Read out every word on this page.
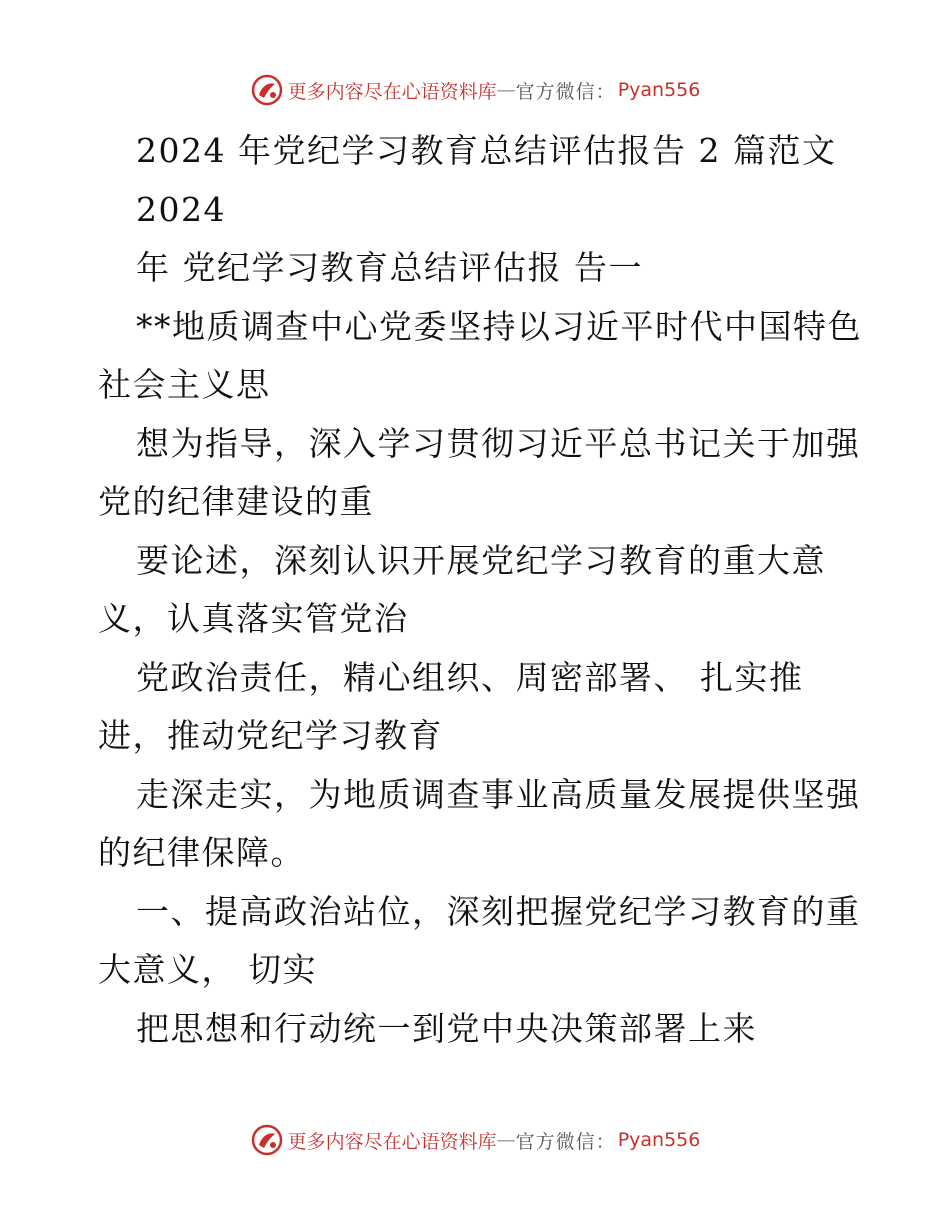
更多内容尽在心语资料库 — 官方微信： Pyan556
2024 年党纪学习教育总结评估报告 2 篇范文
2024
年 党纪学习教育总结评估报 告一
**地质调查中心党委坚持以习近平时代中国特色
社会主义思
想为指导，深入学习贯彻习近平总书记关于加强
党的纪律建设的重
要论述，深刻认识开展党纪学习教育的重大意
义，认真落实管党治
党政治责任，精心组织、周密部署、 扎实推
进，推动党纪学习教育
走深走实，为地质调查事业高质量发展提供坚强
的纪律保障。
一、提高政治站位，深刻把握党纪学习教育的重
大意义， 切实
把思想和行动统一到党中央决策部署上来
更多内容尽在心语资料库 — 官方微信： Pyan556
